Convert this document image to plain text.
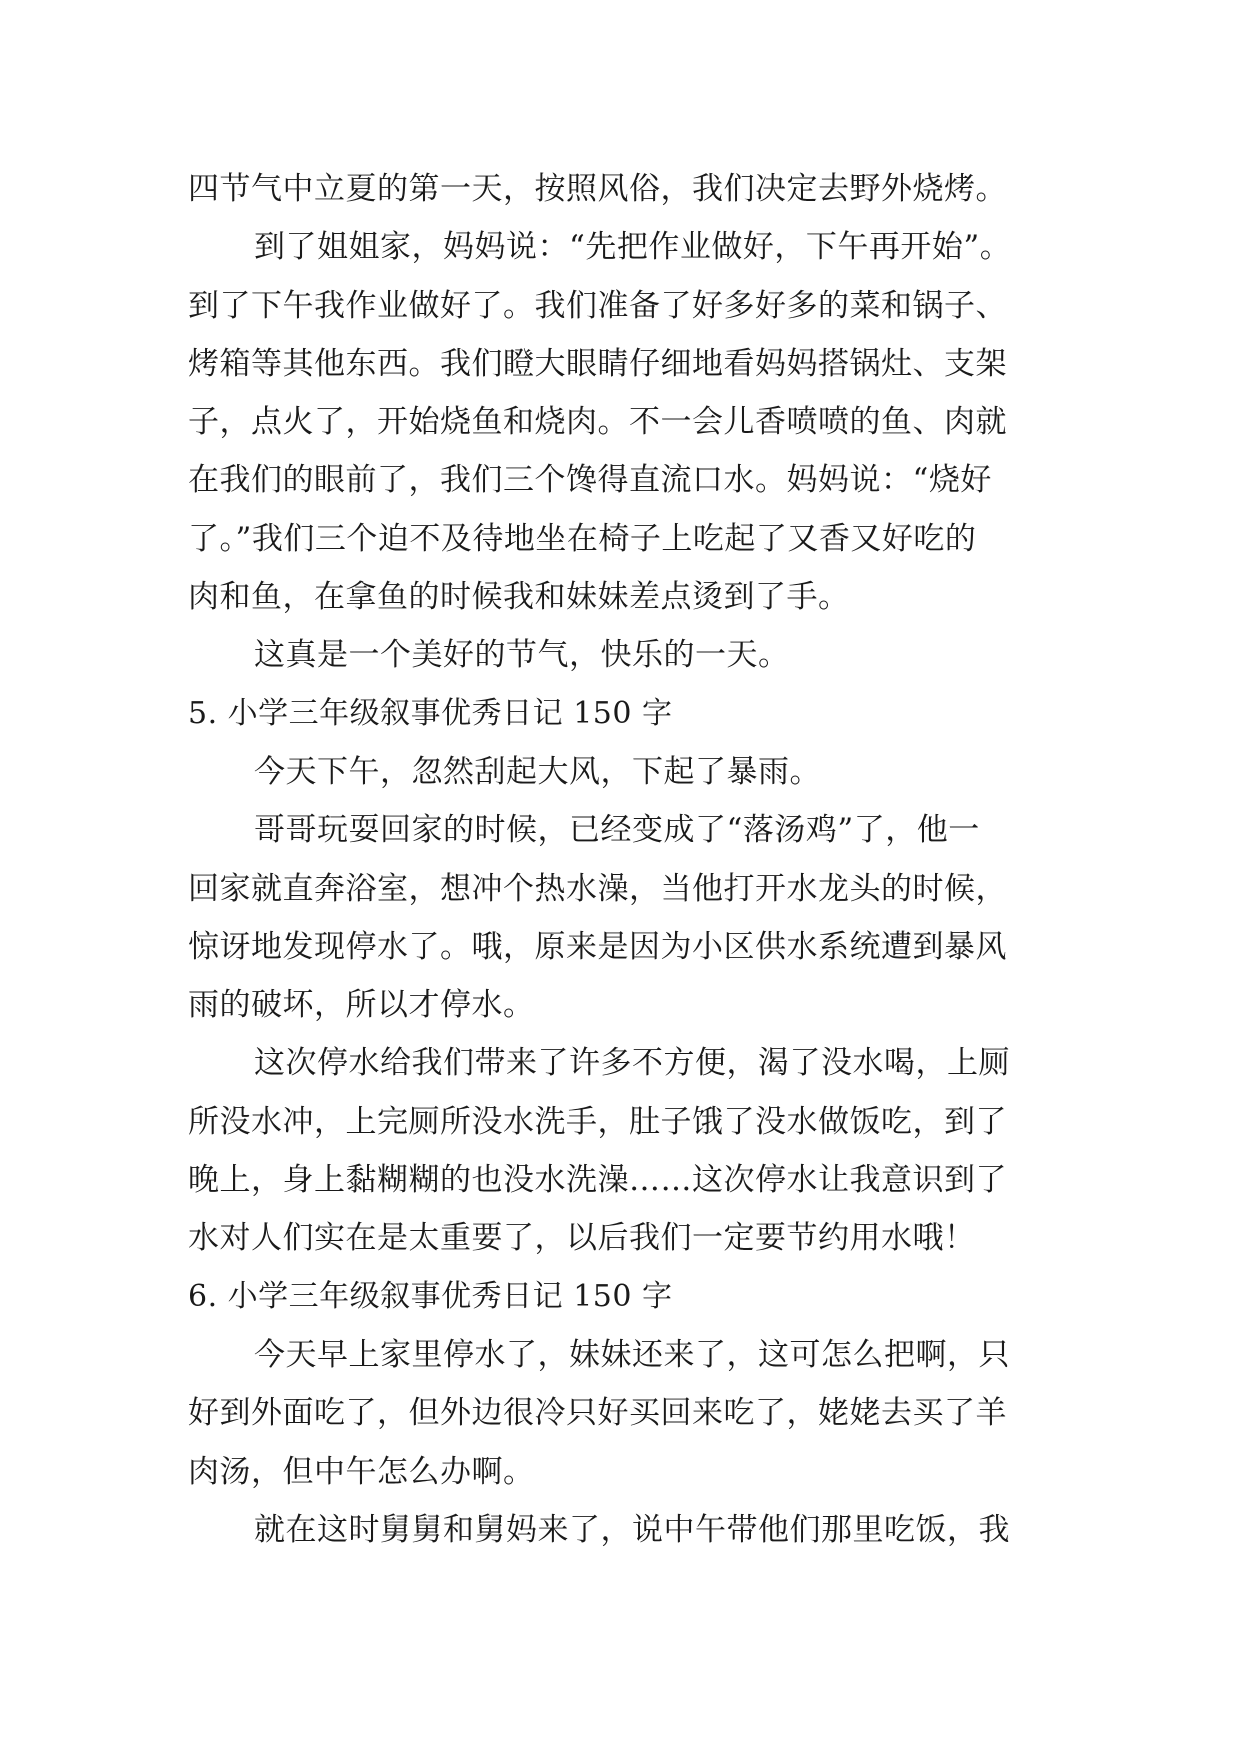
四节气中立夏的第一天，按照风俗，我们决定去野外烧烤。
到了姐姐家，妈妈说：“先把作业做好，下午再开始”。
到了下午我作业做好了。我们准备了好多好多的菜和锅子、
烤箱等其他东西。我们瞪大眼睛仔细地看妈妈搭锅灶、支架
子，点火了，开始烧鱼和烧肉。不一会儿香喷喷的鱼、肉就
在我们的眼前了，我们三个馋得直流口水。妈妈说：“烧好
了。”我们三个迫不及待地坐在椅子上吃起了又香又好吃的
肉和鱼，在拿鱼的时候我和妹妹差点烫到了手。
这真是一个美好的节气，快乐的一天。
5. 小学三年级叙事优秀日记 150 字
今天下午，忽然刮起大风，下起了暴雨。
哥哥玩耍回家的时候，已经变成了“落汤鸡”了，他一
回家就直奔浴室，想冲个热水澡，当他打开水龙头的时候，
惊讶地发现停水了。哦，原来是因为小区供水系统遭到暴风
雨的破坏，所以才停水。
这次停水给我们带来了许多不方便，渴了没水喝，上厕
所没水冲，上完厕所没水洗手，肚子饿了没水做饭吃，到了
晚上，身上黏糊糊的也没水洗澡……这次停水让我意识到了
水对人们实在是太重要了，以后我们一定要节约用水哦！
6. 小学三年级叙事优秀日记 150 字
今天早上家里停水了，妹妹还来了，这可怎么把啊，只
好到外面吃了，但外边很冷只好买回来吃了，姥姥去买了羊
肉汤，但中午怎么办啊。
就在这时舅舅和舅妈来了，说中午带他们那里吃饭，我
